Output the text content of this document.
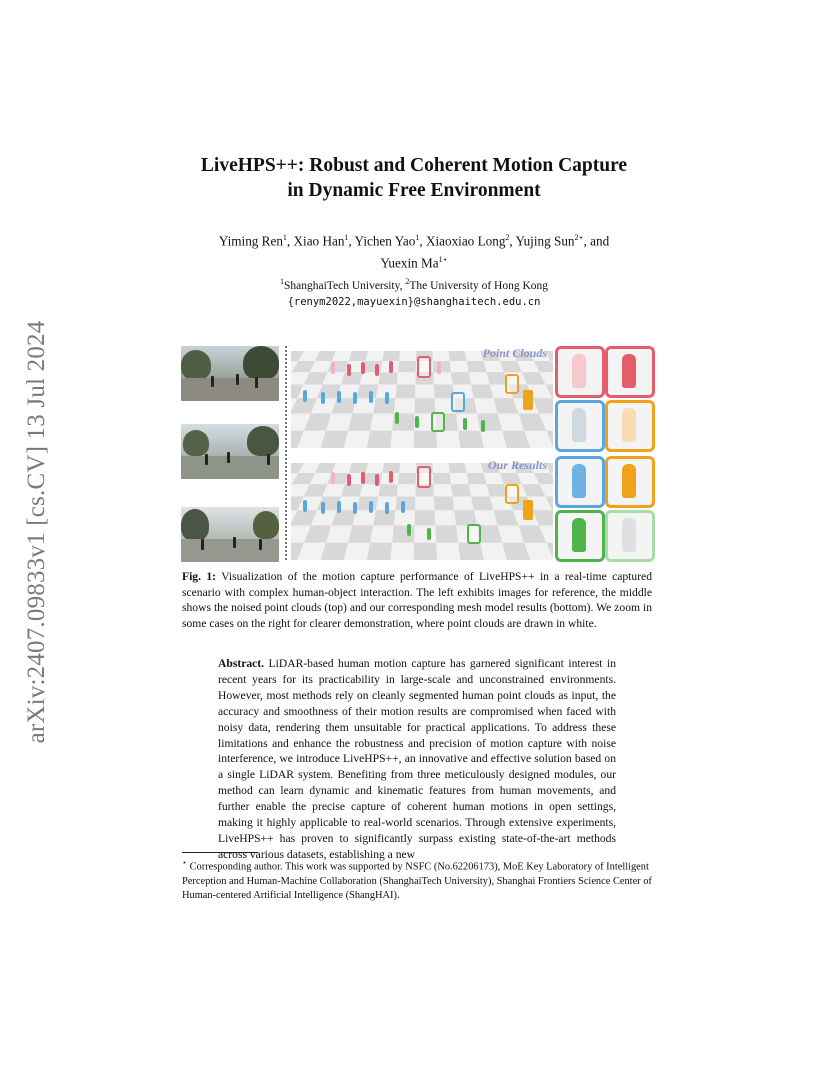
arXiv:2407.09833v1 [cs.CV] 13 Jul 2024
LiveHPS++: Robust and Coherent Motion Capture
in Dynamic Free Environment
Yiming Ren$^1$, Xiao Han$^1$, Yichen Yao$^1$, Xiaoxiao Long$^2$, Yujing Sun$^{2⋆}$, and
Yuexin $Ma^{1⋆}$
$^1$ShanghaiTech University, $^2$The University of Hong Kong
{renym2022,mayuexin}@shanghaitech.edu.cn
Point Clouds
Our Results
Fig. 1: Visualization of the motion capture performance of LiveHPS++ in a real-time captured scenario with complex human-object interaction. The left exhibits images for reference, the middle shows the noised point clouds (top) and our corresponding mesh model results (bottom). We zoom in some cases on the right for clearer demonstration, where point clouds are drawn in white.
Abstract. LiDAR-based human motion capture has garnered significant interest in recent years for its practicability in large-scale and unconstrained environments. However, most methods rely on cleanly segmented human point clouds as input, the accuracy and smoothness of their motion results are compromised when faced with noisy data, rendering them unsuitable for practical applications. To address these limitations and enhance the robustness and precision of motion capture with noise interference, we introduce LiveHPS++, an innovative and effective solution based on a single LiDAR system. Benefiting from three meticulously designed modules, our method can learn dynamic and kinematic features from human movements, and further enable the precise capture of coherent human motions in open settings, making it highly applicable to real-world scenarios. Through extensive experiments, LiveHPS++ has proven to significantly surpass existing state-of-the-art methods across various datasets, establishing a new
⋆ Corresponding author. This work was supported by NSFC (No.62206173), MoE Key Laboratory of Intelligent Perception and Human-Machine Collaboration (ShanghaiTech University), Shanghai Frontiers Science Center of Human-centered Artificial Intelligence (ShangHAI).
